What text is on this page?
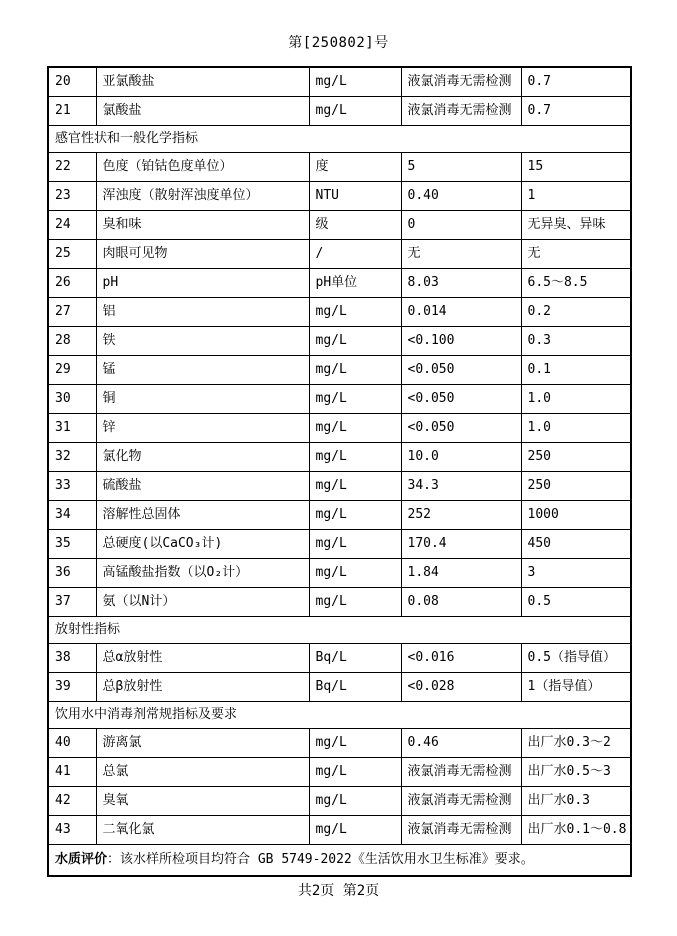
第[250802]号
20	亚氯酸盐	mg/L	液氯消毒无需检测	0.7
21	氯酸盐	mg/L	液氯消毒无需检测	0.7
感官性状和一般化学指标				
22	色度（铂钴色度单位）	度	5	15
23	浑浊度（散射浑浊度单位）	NTU	0.40	1
24	臭和味	级	0	无异臭、异味
25	肉眼可见物	/	无	无
26	pH	pH单位	8.03	6.5～8.5
27	铝	mg/L	0.014	0.2
28	铁	mg/L	<0.100	0.3
29	锰	mg/L	<0.050	0.1
30	铜	mg/L	<0.050	1.0
31	锌	mg/L	<0.050	1.0
32	氯化物	mg/L	10.0	250
33	硫酸盐	mg/L	34.3	250
34	溶解性总固体	mg/L	252	1000
35	总硬度(以CaCO₃计)	mg/L	170.4	450
36	高锰酸盐指数（以O₂计）	mg/L	1.84	3
37	氨（以N计）	mg/L	0.08	0.5
放射性指标				
38	总α放射性	Bq/L	<0.016	0.5（指导值）
39	总β放射性	Bq/L	<0.028	1（指导值）
饮用水中消毒剂常规指标及要求				
40	游离氯	mg/L	0.46	出厂水0.3～2
41	总氯	mg/L	液氯消毒无需检测	出厂水0.5～3
42	臭氧	mg/L	液氯消毒无需检测	出厂水0.3
43	二氧化氯	mg/L	液氯消毒无需检测	出厂水0.1～0.8
水质评价：该水样所检项目均符合 GB 5749-2022《生活饮用水卫生标准》要求。				
共2页 第2页
